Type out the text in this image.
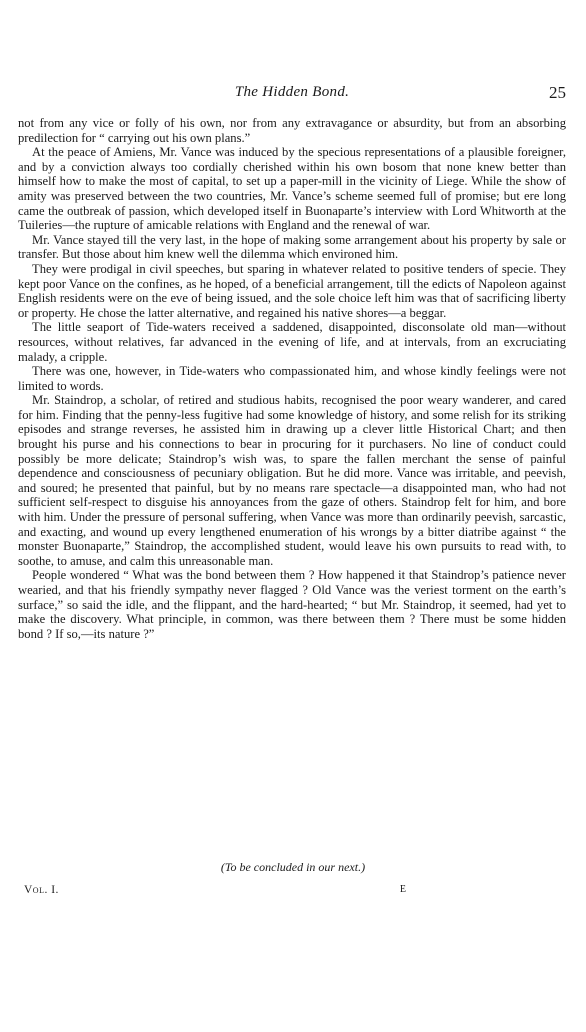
The Hidden Bond.	25

not from any vice or folly of his own, nor from any extravagance or absurdity, but from an absorbing predilection for “ carrying out his own plans.”

At the peace of Amiens, Mr. Vance was induced by the specious representations of a plausible foreigner, and by a conviction always too cordially cherished within his own bosom that none knew better than himself how to make the most of capital, to set up a paper-mill in the vicinity of Liege. While the show of amity was preserved between the two countries, Mr. Vance’s scheme seemed full of promise; but ere long came the outbreak of passion, which developed itself in Buonaparte’s interview with Lord Whitworth at the Tuileries—the rupture of amicable relations with England and the renewal of war.

Mr. Vance stayed till the very last, in the hope of making some arrangement about his property by sale or transfer. But those about him knew well the dilemma which environed him.

They were prodigal in civil speeches, but sparing in whatever related to positive tenders of specie. They kept poor Vance on the confines, as he hoped, of a beneficial arrangement, till the edicts of Napoleon against English residents were on the eve of being issued, and the sole choice left him was that of sacrificing liberty or property. He chose the latter alternative, and regained his native shores—a beggar.

The little seaport of Tide-waters received a saddened, disappointed, disconsolate old man—without resources, without relatives, far advanced in the evening of life, and at intervals, from an excruciating malady, a cripple.

There was one, however, in Tide-waters who compassionated him, and whose kindly feelings were not limited to words.

Mr. Staindrop, a scholar, of retired and studious habits, recognised the poor weary wanderer, and cared for him. Finding that the penny-less fugitive had some knowledge of history, and some relish for its striking episodes and strange reverses, he assisted him in drawing up a clever little Historical Chart; and then brought his purse and his connections to bear in procuring for it purchasers. No line of conduct could possibly be more delicate; Staindrop’s wish was, to spare the fallen merchant the sense of painful dependence and consciousness of pecuniary obligation. But he did more. Vance was irritable, and peevish, and soured; he presented that painful, but by no means rare spectacle—a disappointed man, who had not sufficient self-respect to disguise his annoyances from the gaze of others. Staindrop felt for him, and bore with him. Under the pressure of personal suffering, when Vance was more than ordinarily peevish, sarcastic, and exacting, and wound up every lengthened enumeration of his wrongs by a bitter diatribe against “ the monster Buonaparte,” Staindrop, the accomplished student, would leave his own pursuits to read with, to soothe, to amuse, and calm this unreasonable man.

People wondered “ What was the bond between them ? How happened it that Staindrop’s patience never wearied, and that his friendly sympathy never flagged ? Old Vance was the veriest torment on the earth’s surface,” so said the idle, and the flippant, and the hard-hearted; “ but Mr. Staindrop, it seemed, had yet to make the discovery. What principle, in common, was there between them ? There must be some hidden bond ? If so,—its nature ?”

(To be concluded in our next.)
Vol. I.	E
